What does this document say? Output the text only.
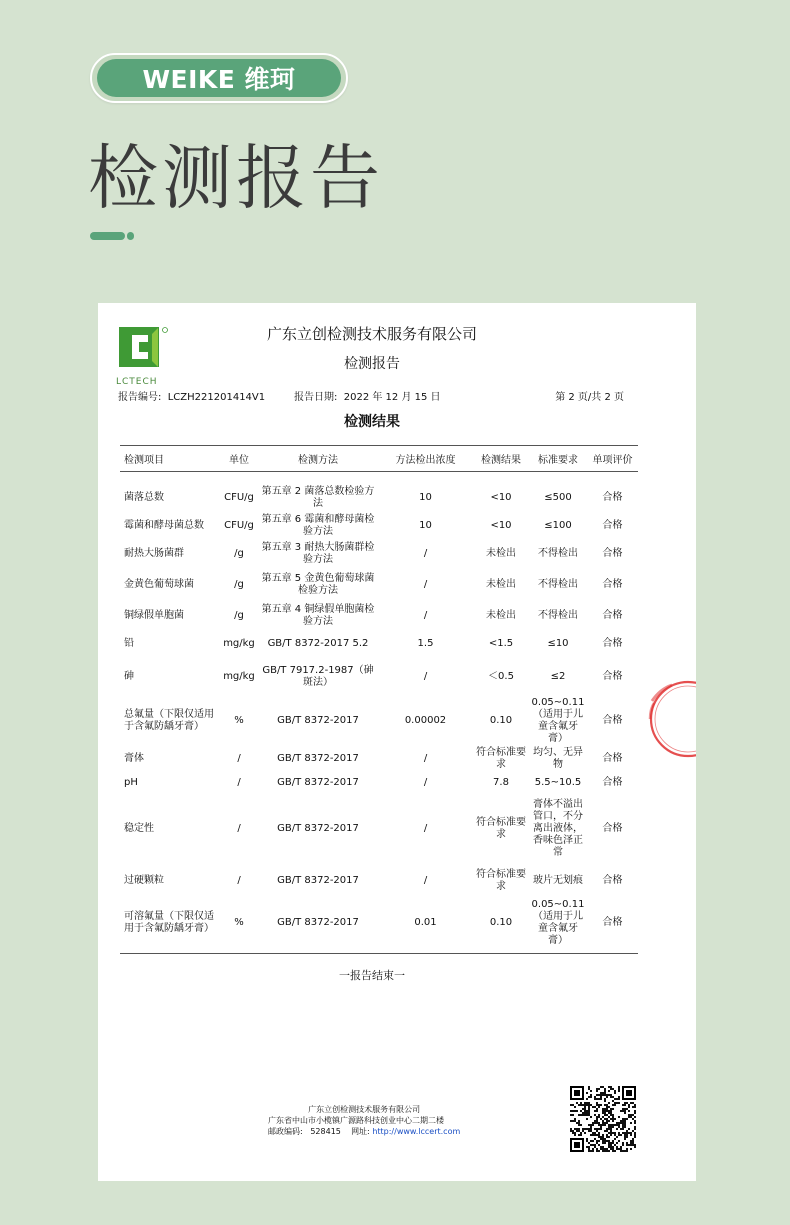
WEIKE 维珂
检测报告
LCTECH
广东立创检测技术服务有限公司
检测报告
报告编号: LCZH221201414V1	报告日期: 2022 年 12 月 15 日	第 2 页/共 2 页
检测结果
检测项目	单位	检测方法	方法检出浓度	检测结果	标准要求	单项评价

菌落总数	CFU/g	第五章 2 菌落总数检验方法	10	<10	≤500	合格
霉菌和酵母菌总数	CFU/g	第五章 6 霉菌和酵母菌检验方法	10	<10	≤100	合格
耐热大肠菌群	/g	第五章 3 耐热大肠菌群检验方法	/	未检出	不得检出	合格
金黄色葡萄球菌	/g	第五章 5 金黄色葡萄球菌检验方法	/	未检出	不得检出	合格
铜绿假单胞菌	/g	第五章 4 铜绿假单胞菌检验方法	/	未检出	不得检出	合格
铅	mg/kg	GB/T 8372-2017 5.2	1.5	<1.5	≤10	合格
砷	mg/kg	GB/T 7917.2-1987（砷斑法）	/	＜0.5	≤2	合格
总氟量（下限仅适用于含氟防龋牙膏）	%	GB/T 8372-2017	0.00002	0.10	0.05~0.11（适用于儿童含氟牙膏）	合格
膏体	/	GB/T 8372-2017	/	符合标准要求	均匀、无异物	合格
pH	/	GB/T 8372-2017	/	7.8	5.5~10.5	合格
稳定性	/	GB/T 8372-2017	/	符合标准要求	膏体不溢出管口，不分离出液体，香味色泽正常	合格
过硬颗粒	/	GB/T 8372-2017	/	符合标准要求	玻片无划痕	合格
可溶氟量（下限仅适用于含氟防龋牙膏）	%	GB/T 8372-2017	0.01	0.10	0.05~0.11（适用于儿童含氟牙膏）	合格
一报告结束一
广东立创检测技术服务有限公司
广东省中山市小榄镇广源路科技创业中心二期二楼
邮政编码: 528415 网址: http://www.lccert.com
